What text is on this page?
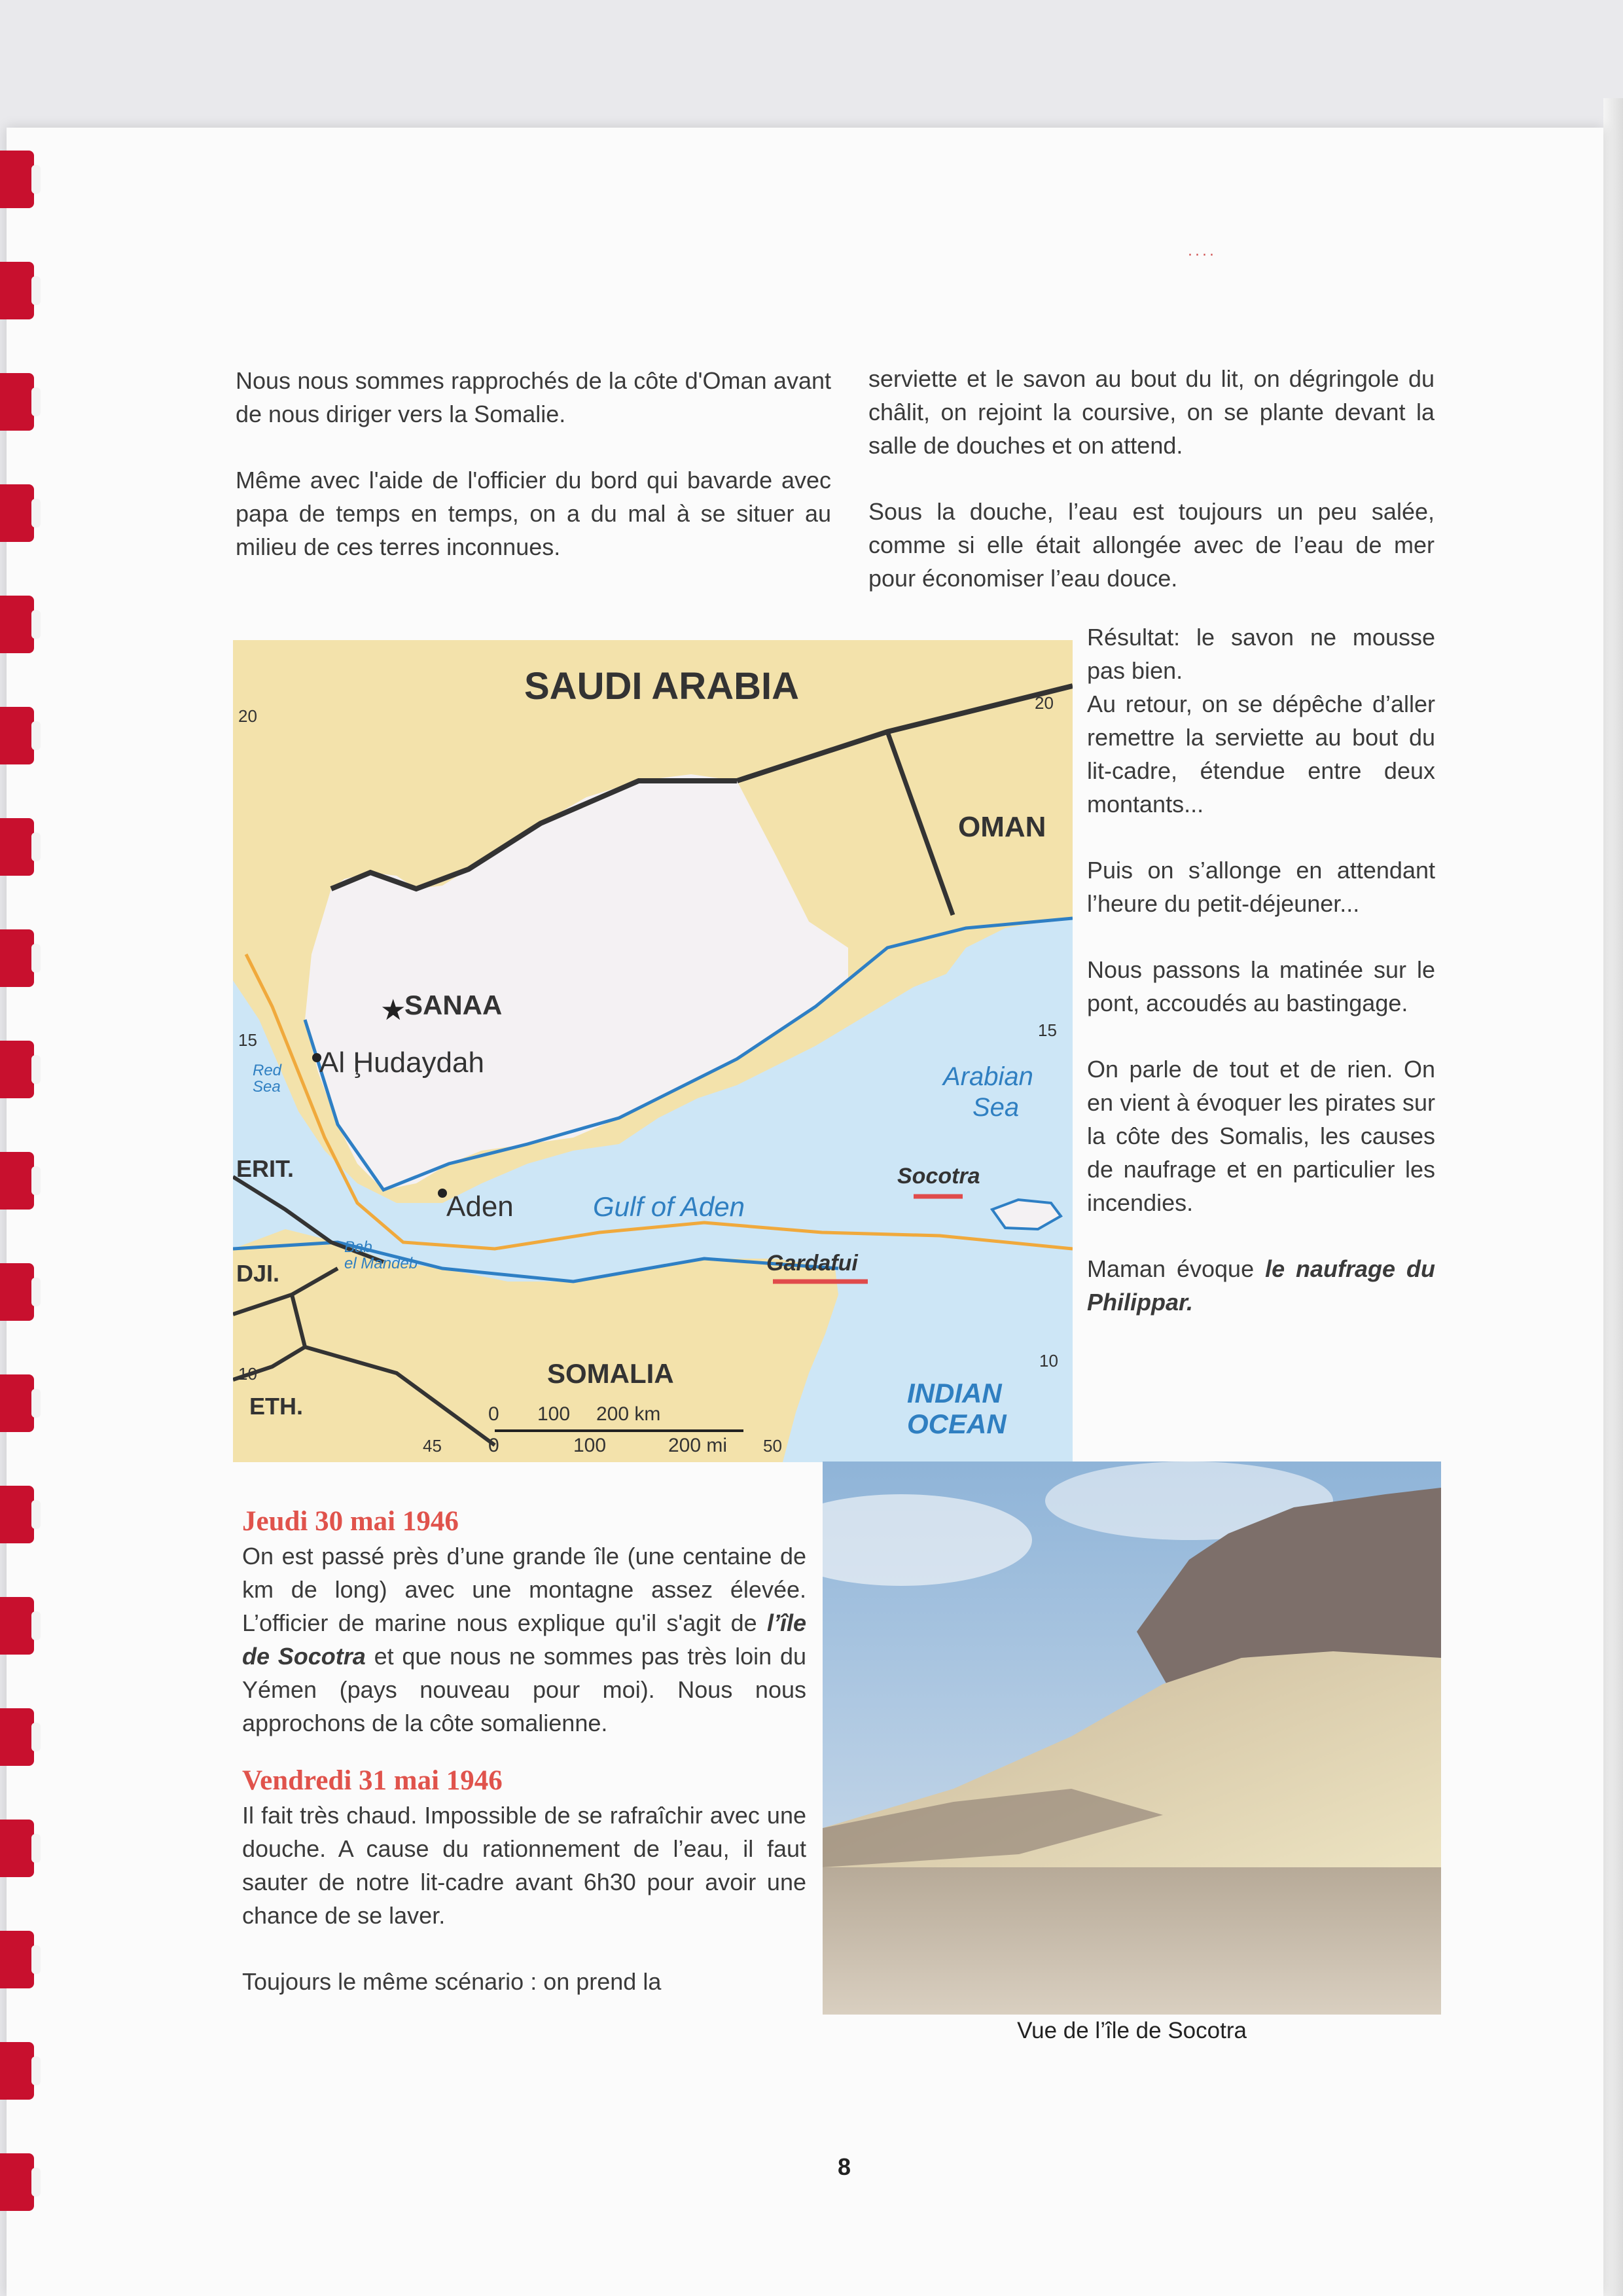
····

Nous nous sommes rapprochés de la côte d'Oman avant de nous diriger vers la Somalie.

Même avec l'aide de l'officier du bord qui bavarde avec papa de temps en temps, on a du mal à se situer au milieu de ces terres inconnues.

serviette et le savon au bout du lit, on dégringole du châlit, on rejoint la coursive, on se plante devant la salle de douches et on attend.

Sous la douche, l’eau est toujours un peu salée, comme si elle était allongée avec de l’eau de mer pour économiser l’eau douce.

Résultat: le savon ne mousse pas bien.

Au retour, on se dépêche d’aller remettre la serviette au bout du lit-cadre, étendue entre deux montants...

Puis on s’allonge en attendant l’heure du petit-déjeuner...

Nous passons la matinée sur le pont, accoudés au bastingage.

On parle de tout et de rien. On en vient à évoquer les pirates sur la côte des Somalis, les causes de naufrage et en particulier les incendies.

Maman évoque le naufrage du Philippar.

★
SAUDI ARABIA
OMAN
SANAA
Al Ḩudaydah
Aden	Gulf of Aden
Arabian
Sea
Socotra
Gardafui
ERIT.
DJI.
ETH.
SOMALIA
INDIAN
OCEAN
Red
Sea
Bab
el Mandeb
20
15
10
20
15
10
45	50
0 100 200 km
0	100	200 mi
Jeudi 30 mai 1946

On est passé près d’une grande île (une centaine de km de long) avec une montagne assez élevée. L’officier de marine nous explique qu'il s'agit de l’île de Socotra et que nous ne sommes pas très loin du Yémen (pays nouveau pour moi). Nous nous approchons de la côte somalienne.

Vendredi 31 mai 1946

Il fait très chaud. Impossible de se rafraîchir avec une douche. A cause du rationnement de l’eau, il faut sauter de notre lit-cadre avant 6h30 pour avoir une chance de se laver.

Toujours le même scénario : on prend la

Vue de l’île de Socotra
8
